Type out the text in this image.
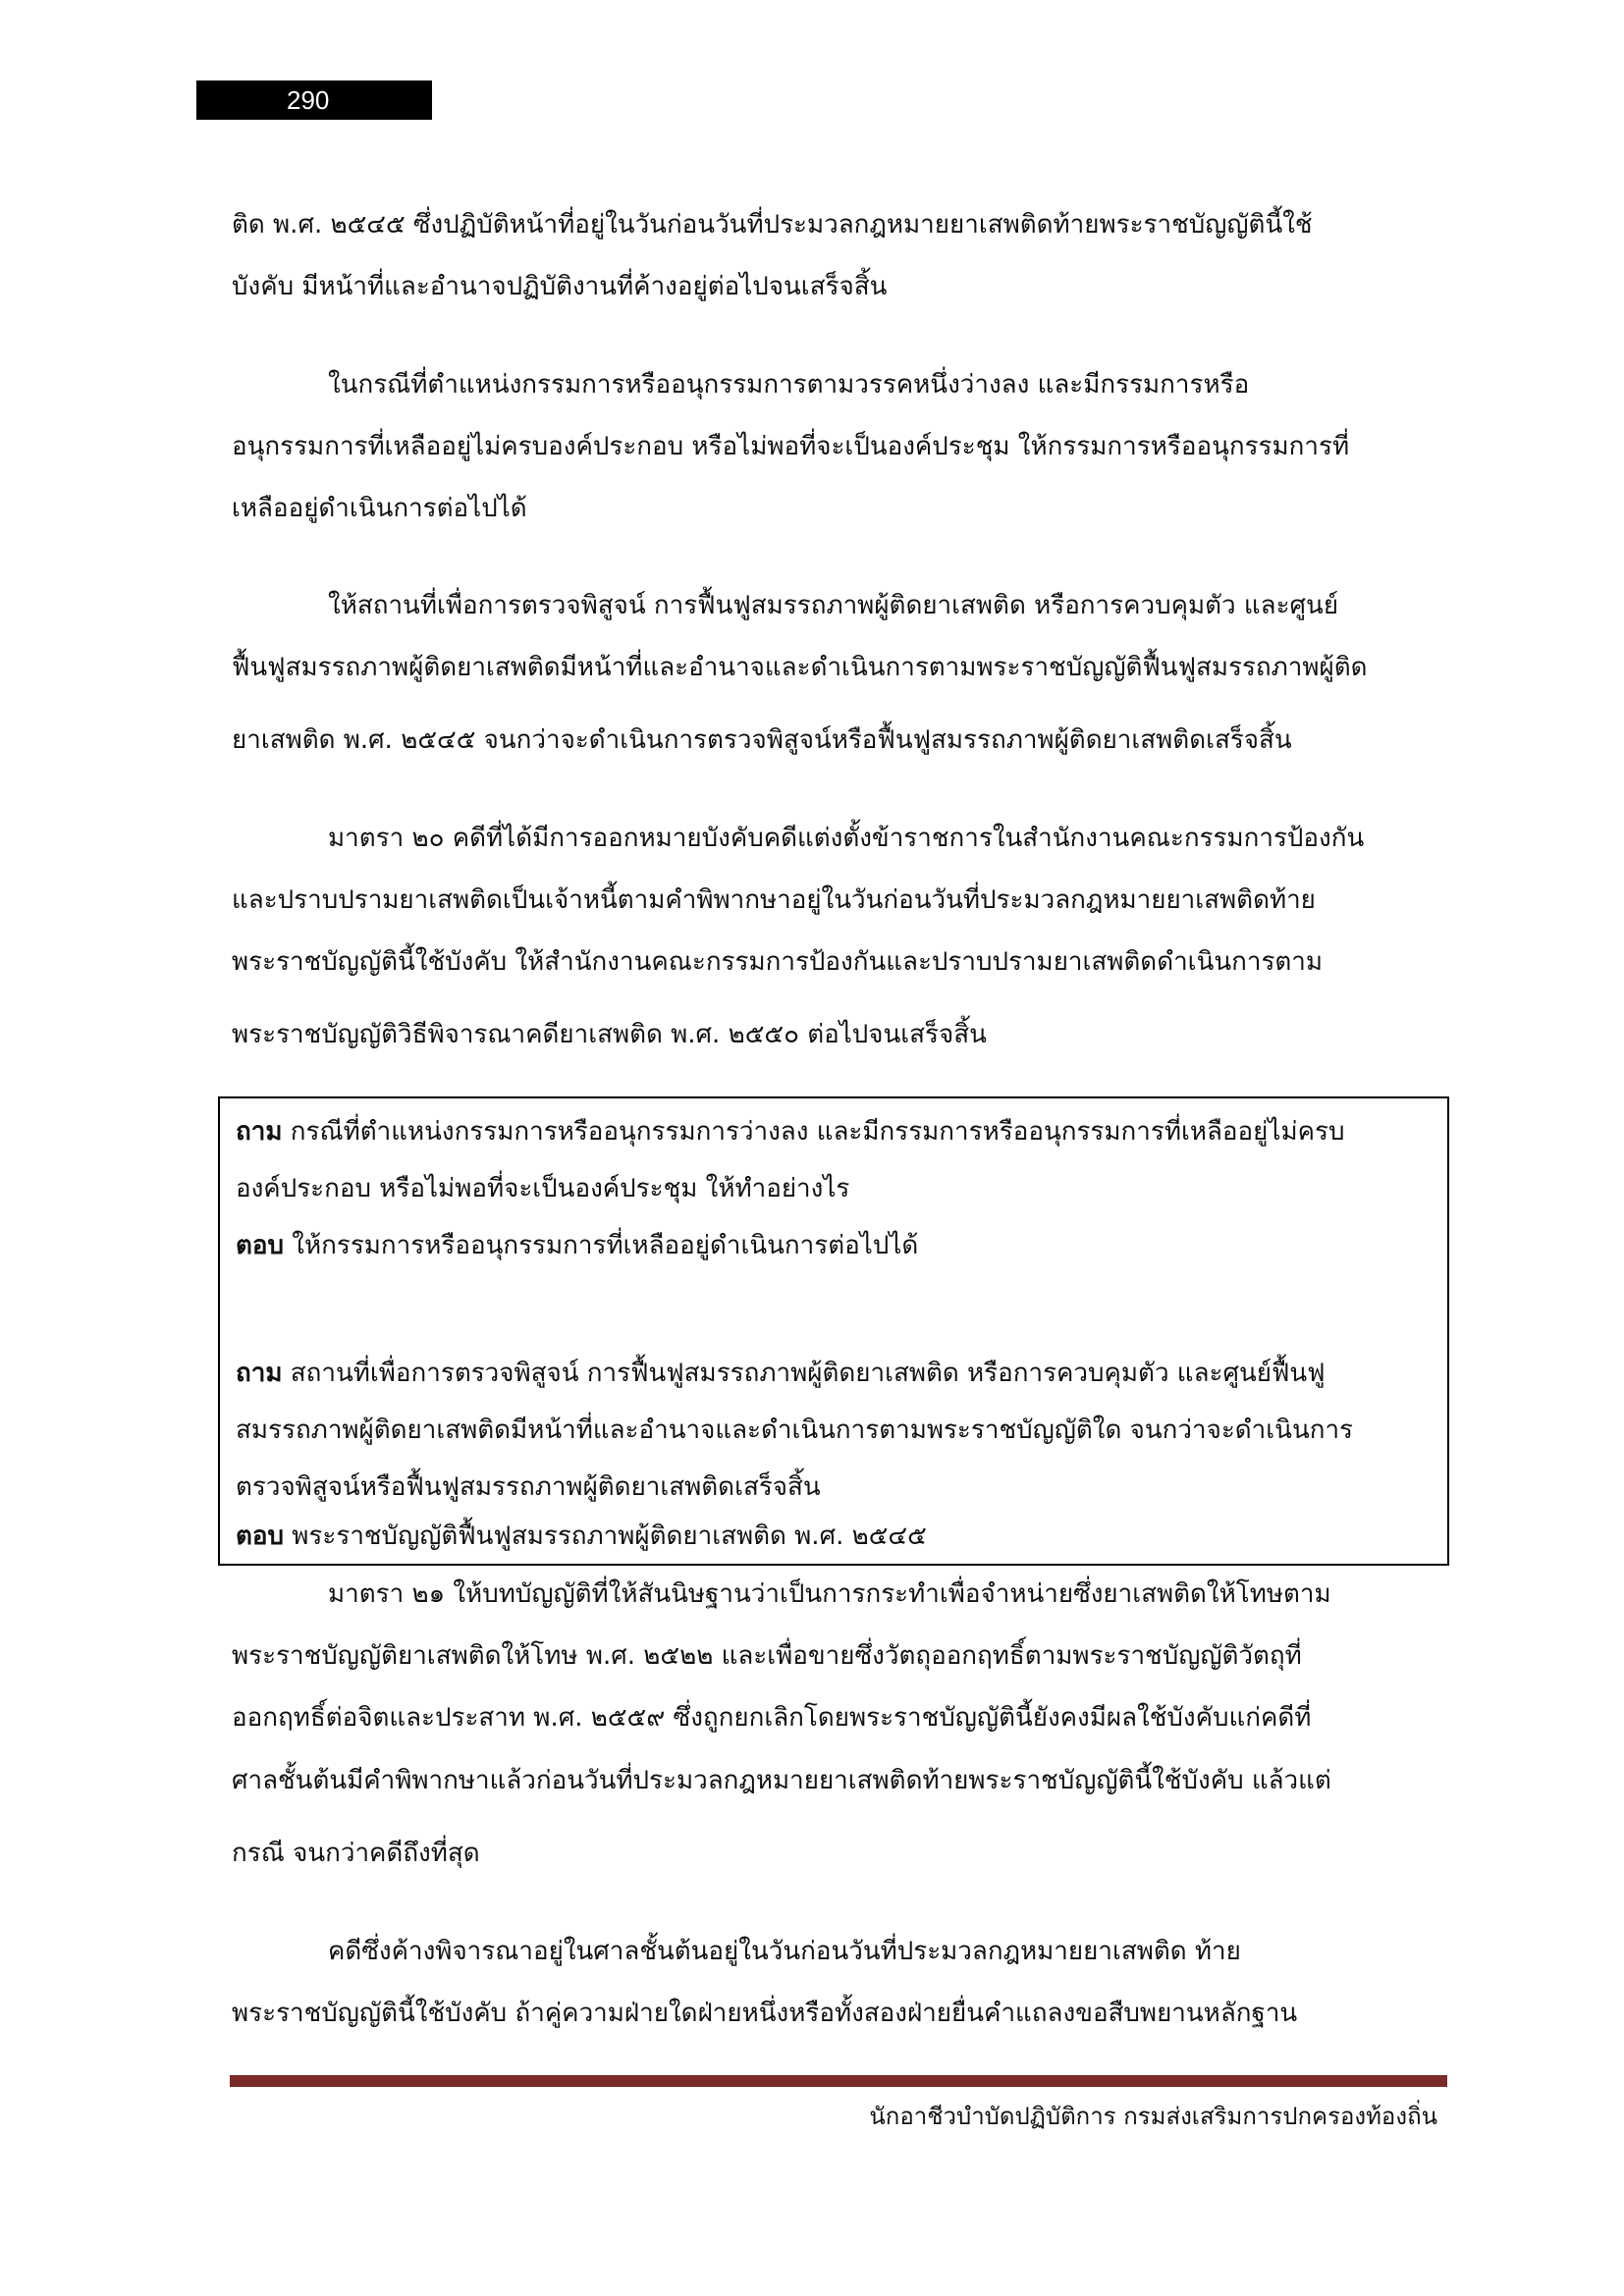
290

ติด พ.ศ. ๒๕๔๕ ซึ่งปฏิบัติหน้าที่อยู่ในวันก่อนวันที่ประมวลกฎหมายยาเสพติดท้ายพระราชบัญญัตินี้ใช้

บังคับ มีหน้าที่และอำนาจปฏิบัติงานที่ค้างอยู่ต่อไปจนเสร็จสิ้น

ในกรณีที่ตำแหน่งกรรมการหรืออนุกรรมการตามวรรคหนึ่งว่างลง และมีกรรมการหรือ

อนุกรรมการที่เหลืออยู่ไม่ครบองค์ประกอบ หรือไม่พอที่จะเป็นองค์ประชุม ให้กรรมการหรืออนุกรรมการที่

เหลืออยู่ดำเนินการต่อไปได้

ให้สถานที่เพื่อการตรวจพิสูจน์ การฟื้นฟูสมรรถภาพผู้ติดยาเสพติด หรือการควบคุมตัว และศูนย์

ฟื้นฟูสมรรถภาพผู้ติดยาเสพติดมีหน้าที่และอำนาจและดำเนินการตามพระราชบัญญัติฟื้นฟูสมรรถภาพผู้ติด

ยาเสพติด พ.ศ. ๒๕๔๕ จนกว่าจะดำเนินการตรวจพิสูจน์หรือฟื้นฟูสมรรถภาพผู้ติดยาเสพติดเสร็จสิ้น

มาตรา ๒๐ คดีที่ได้มีการออกหมายบังคับคดีแต่งตั้งข้าราชการในสำนักงานคณะกรรมการป้องกัน

และปราบปรามยาเสพติดเป็นเจ้าหนี้ตามคำพิพากษาอยู่ในวันก่อนวันที่ประมวลกฎหมายยาเสพติดท้าย

พระราชบัญญัตินี้ใช้บังคับ ให้สำนักงานคณะกรรมการป้องกันและปราบปรามยาเสพติดดำเนินการตาม

พระราชบัญญัติวิธีพิจารณาคดียาเสพติด พ.ศ. ๒๕๕๐ ต่อไปจนเสร็จสิ้น

ถาม กรณีที่ตำแหน่งกรรมการหรืออนุกรรมการว่างลง และมีกรรมการหรืออนุกรรมการที่เหลืออยู่ไม่ครบ

องค์ประกอบ หรือไม่พอที่จะเป็นองค์ประชุม ให้ทำอย่างไร

ตอบ ให้กรรมการหรืออนุกรรมการที่เหลืออยู่ดำเนินการต่อไปได้

ถาม สถานที่เพื่อการตรวจพิสูจน์ การฟื้นฟูสมรรถภาพผู้ติดยาเสพติด หรือการควบคุมตัว และศูนย์ฟื้นฟู

สมรรถภาพผู้ติดยาเสพติดมีหน้าที่และอำนาจและดำเนินการตามพระราชบัญญัติใด จนกว่าจะดำเนินการ

ตรวจพิสูจน์หรือฟื้นฟูสมรรถภาพผู้ติดยาเสพติดเสร็จสิ้น

ตอบ พระราชบัญญัติฟื้นฟูสมรรถภาพผู้ติดยาเสพติด พ.ศ. ๒๕๔๕

มาตรา ๒๑ ให้บทบัญญัติที่ให้สันนิษฐานว่าเป็นการกระทำเพื่อจำหน่ายซึ่งยาเสพติดให้โทษตาม

พระราชบัญญัติยาเสพติดให้โทษ พ.ศ. ๒๕๒๒ และเพื่อขายซึ่งวัตถุออกฤทธิ์ตามพระราชบัญญัติวัตถุที่

ออกฤทธิ์ต่อจิตและประสาท พ.ศ. ๒๕๕๙ ซึ่งถูกยกเลิกโดยพระราชบัญญัตินี้ยังคงมีผลใช้บังคับแก่คดีที่

ศาลชั้นต้นมีคำพิพากษาแล้วก่อนวันที่ประมวลกฎหมายยาเสพติดท้ายพระราชบัญญัตินี้ใช้บังคับ แล้วแต่

กรณี จนกว่าคดีถึงที่สุด

คดีซึ่งค้างพิจารณาอยู่ในศาลชั้นต้นอยู่ในวันก่อนวันที่ประมวลกฎหมายยาเสพติด ท้าย

พระราชบัญญัตินี้ใช้บังคับ ถ้าคู่ความฝ่ายใดฝ่ายหนึ่งหรือทั้งสองฝ่ายยื่นคำแถลงขอสืบพยานหลักฐาน

นักอาชีวบำบัดปฏิบัติการ กรมส่งเสริมการปกครองท้องถิ่น
